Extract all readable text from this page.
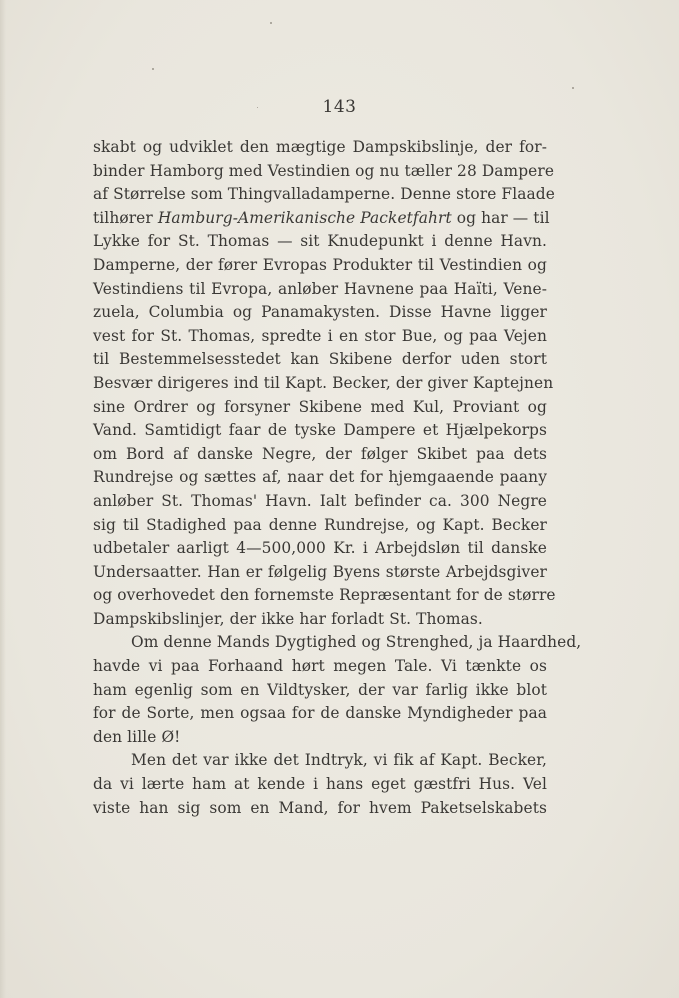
143
skabt og udviklet den mægtige Dampskibslinje, der for-
binder Hamborg med Vestindien og nu tæller 28 Dampere
af Størrelse som Thingvalladamperne. Denne store Flaade
tilhører Hamburg-Amerikanische Packetfahrt og har — til
Lykke for St. Thomas — sit Knudepunkt i denne Havn.
Damperne, der fører Evropas Produkter til Vestindien og
Vestindiens til Evropa, anløber Havnene paa Haïti, Vene-
zuela, Columbia og Panamakysten. Disse Havne ligger
vest for St. Thomas, spredte i en stor Bue, og paa Vejen
til Bestemmelsesstedet kan Skibene derfor uden stort
Besvær dirigeres ind til Kapt. Becker, der giver Kaptejnen
sine Ordrer og forsyner Skibene med Kul, Proviant og
Vand. Samtidigt faar de tyske Dampere et Hjælpekorps
om Bord af danske Negre, der følger Skibet paa dets
Rundrejse og sættes af, naar det for hjemgaaende paany
anløber St. Thomas' Havn. Ialt befinder ca. 300 Negre
sig til Stadighed paa denne Rundrejse, og Kapt. Becker
udbetaler aarligt 4—500,000 Kr. i Arbejdsløn til danske
Undersaatter. Han er følgelig Byens største Arbejdsgiver
og overhovedet den fornemste Repræsentant for de større
Dampskibslinjer, der ikke har forladt St. Thomas.
Om denne Mands Dygtighed og Strenghed, ja Haardhed,
havde vi paa Forhaand hørt megen Tale. Vi tænkte os
ham egenlig som en Vildtysker, der var farlig ikke blot
for de Sorte, men ogsaa for de danske Myndigheder paa
den lille Ø!
Men det var ikke det Indtryk, vi fik af Kapt. Becker,
da vi lærte ham at kende i hans eget gæstfri Hus. Vel
viste han sig som en Mand, for hvem Paketselskabets
